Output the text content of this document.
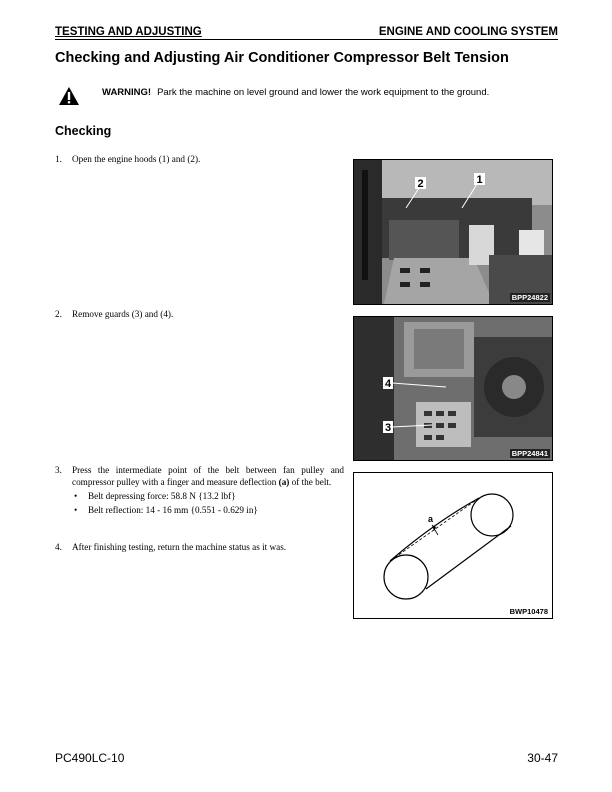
TESTING AND ADJUSTING	ENGINE AND COOLING SYSTEM
Checking and Adjusting Air Conditioner Compressor Belt Tension
WARNING! Park the machine on level ground and lower the work equipment to the ground.
Checking
1. Open the engine hoods (1) and (2).
2. Remove guards (3) and (4).
3. Press the intermediate point of the belt between fan pulley and compressor pulley with a finger and measure deflection (a) of the belt.
• Belt depressing force: 58.8 N {13.2 lbf}
• Belt reflection: 14 - 16 mm {0.551 - 0.629 in}
4. After finishing testing, return the machine status as it was.
2	1
BPP24822
4
3
BPP24841
a
BWP10478
PC490LC-10	30-47
